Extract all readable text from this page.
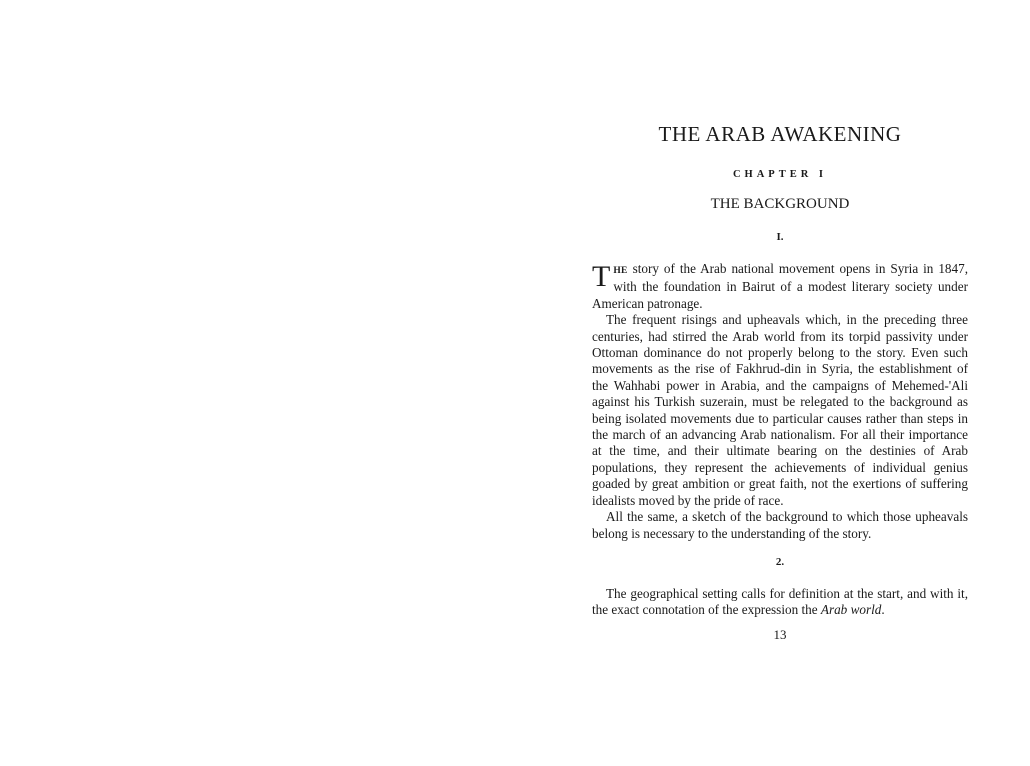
THE ARAB AWAKENING
CHAPTER I
THE BACKGROUND
I.

THE story of the Arab national movement opens in Syria in 1847, with the foundation in Bairut of a modest literary society under American patronage.

The frequent risings and upheavals which, in the preceding three centuries, had stirred the Arab world from its torpid passivity under Ottoman dominance do not properly belong to the story. Even such movements as the rise of Fakhrud-din in Syria, the establishment of the Wahhabi power in Arabia, and the campaigns of Mehemed-'Ali against his Turkish suzerain, must be relegated to the background as being isolated movements due to particular causes rather than steps in the march of an advancing Arab nationalism. For all their importance at the time, and their ultimate bearing on the destinies of Arab populations, they represent the achievements of individual genius goaded by great ambition or great faith, not the exertions of suffering idealists moved by the pride of race.

All the same, a sketch of the background to which those upheavals belong is necessary to the understanding of the story.

2.

The geographical setting calls for definition at the start, and with it, the exact connotation of the expression the Arab world.

13
